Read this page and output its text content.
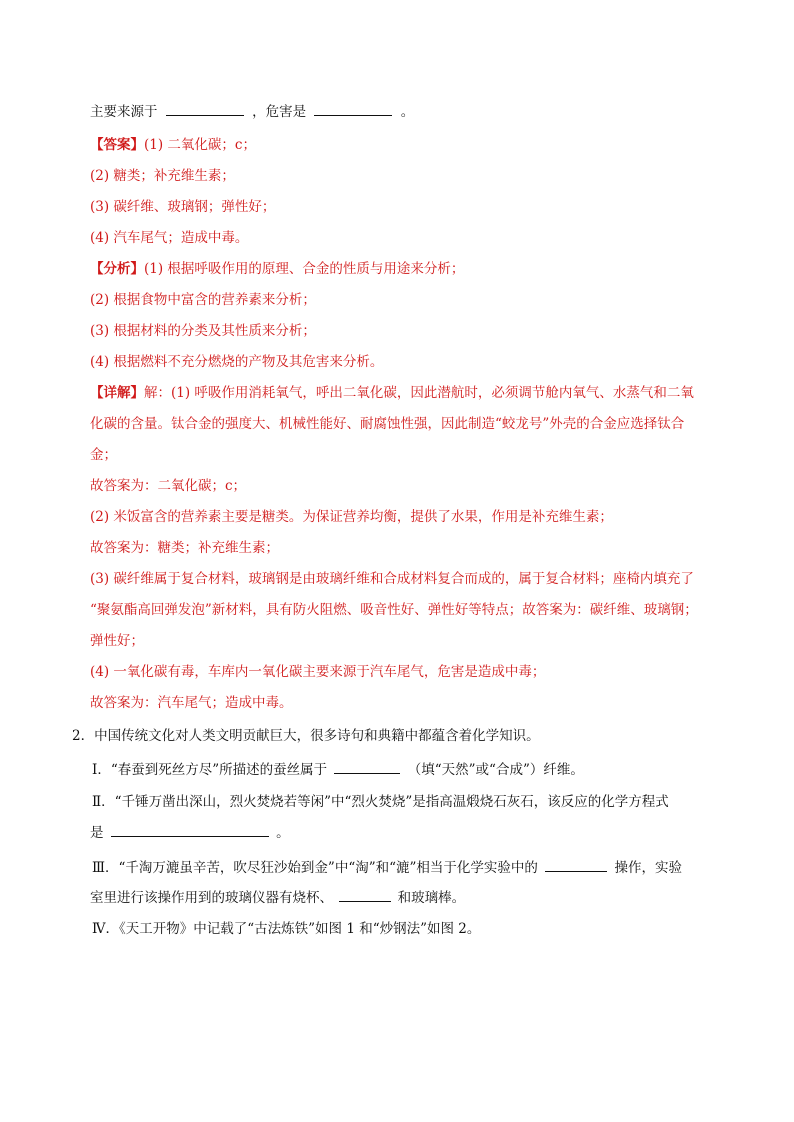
主要来源于	，危害是	。
【答案】(1) 二氧化碳；c；
(2) 糖类；补充维生素；
(3) 碳纤维、玻璃钢；弹性好；
(4) 汽车尾气；造成中毒。
【分析】(1) 根据呼吸作用的原理、合金的性质与用途来分析；
(2) 根据食物中富含的营养素来分析；
(3) 根据材料的分类及其性质来分析；
(4) 根据燃料不充分燃烧的产物及其危害来分析。
【详解】解：(1) 呼吸作用消耗氧气，呼出二氧化碳，因此潜航时，必须调节舱内氧气、水蒸气和二氧
化碳的含量。钛合金的强度大、机械性能好、耐腐蚀性强，因此制造“蛟龙号”外壳的合金应选择钛合
金；
故答案为：二氧化碳；c；
(2) 米饭富含的营养素主要是糖类。为保证营养均衡，提供了水果，作用是补充维生素；
故答案为：糖类；补充维生素；
(3) 碳纤维属于复合材料，玻璃钢是由玻璃纤维和合成材料复合而成的，属于复合材料；座椅内填充了
“聚氨酯高回弹发泡”新材料，具有防火阻燃、吸音性好、弹性好等特点；故答案为：碳纤维、玻璃钢；
弹性好；
(4) 一氧化碳有毒，车库内一氧化碳主要来源于汽车尾气，危害是造成中毒；
故答案为：汽车尾气；造成中毒。
2．中国传统文化对人类文明贡献巨大，很多诗句和典籍中都蕴含着化学知识。
Ⅰ．“春蚕到死丝方尽”所描述的蚕丝属于	（填“天然”或“合成”）纤维。
Ⅱ．“千锤万凿出深山，烈火焚烧若等闲”中“烈火焚烧”是指高温煅烧石灰石，该反应的化学方程式
是	。
Ⅲ．“千淘万漉虽辛苦，吹尽狂沙始到金”中“淘”和“漉”相当于化学实验中的	操作，实验
室里进行该操作用到的玻璃仪器有烧杯、	和玻璃棒。
Ⅳ．《天工开物》中记载了“古法炼铁”如图 1 和“炒钢法”如图 2。
